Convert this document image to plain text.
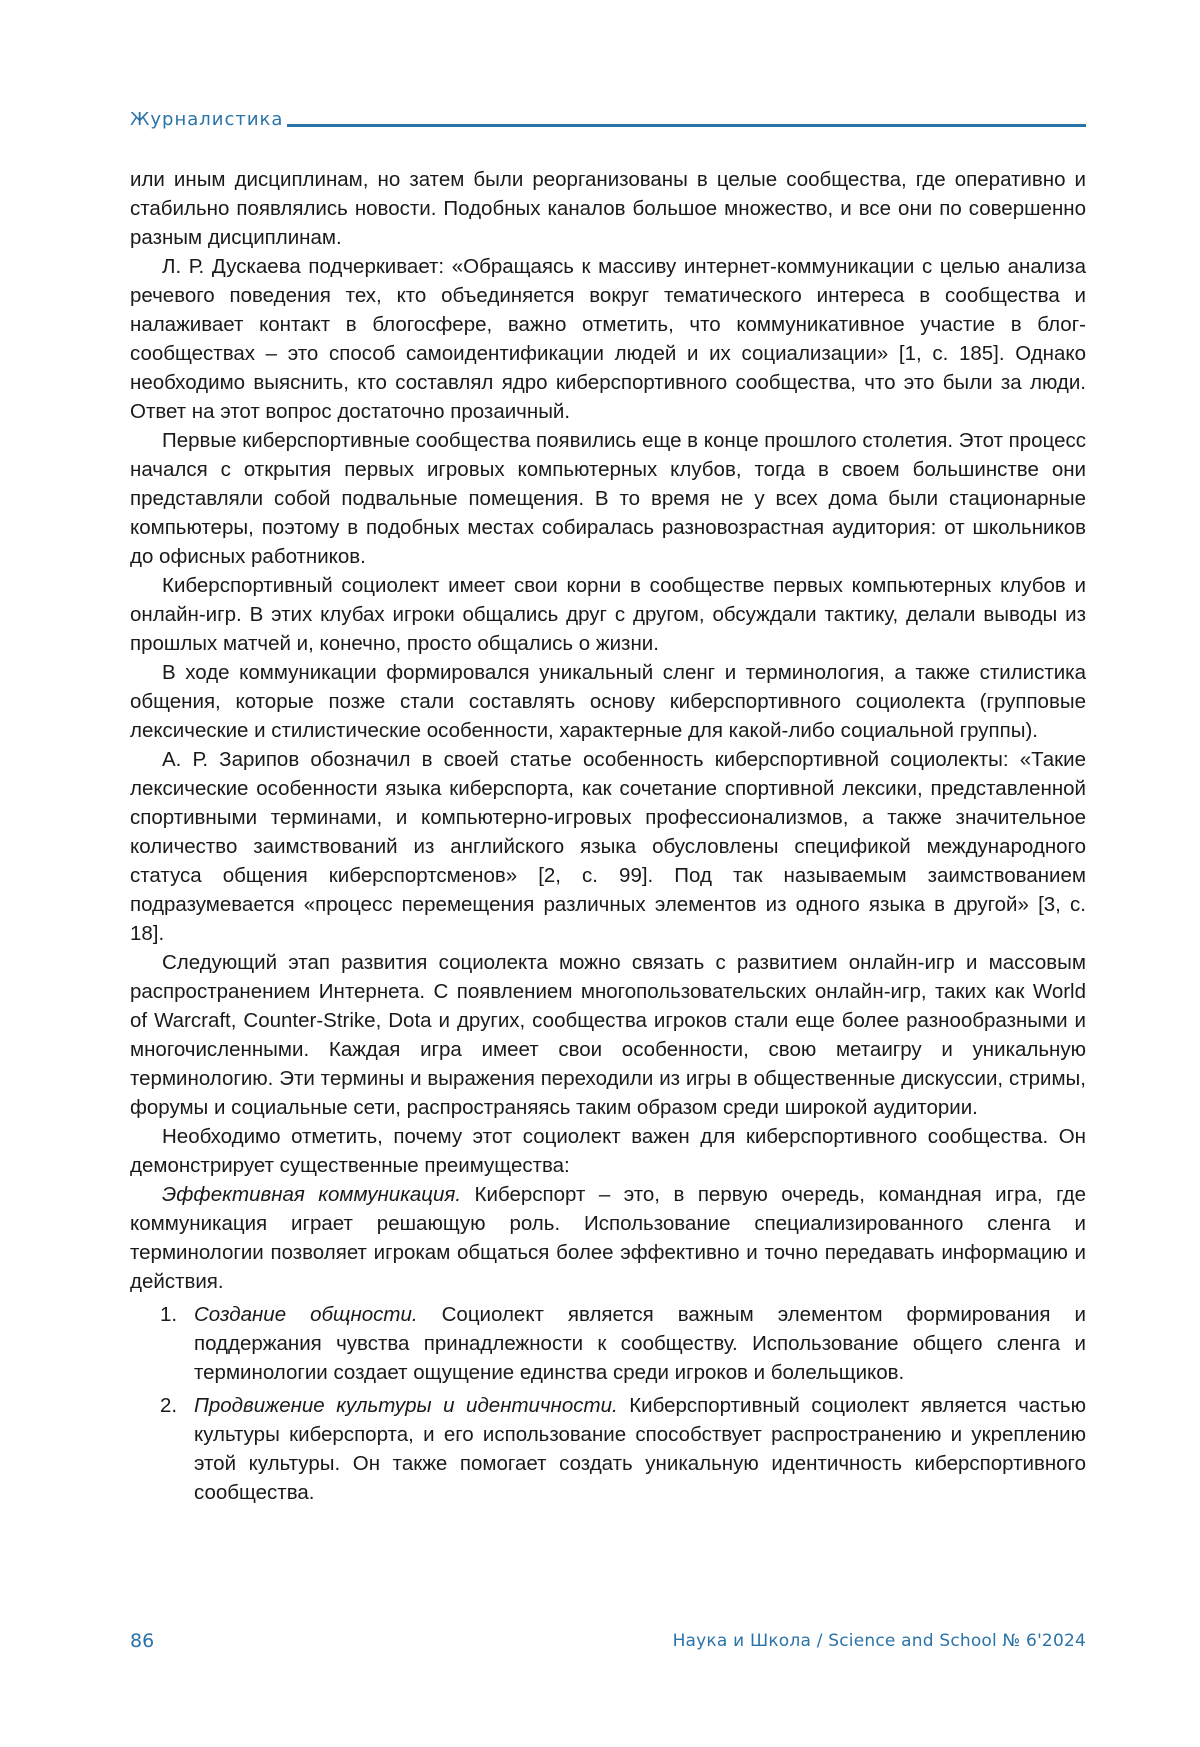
Журналистика

или иным дисциплинам, но затем были реорганизованы в целые сообщества, где оперативно и стабильно появлялись новости. Подобных каналов большое множество, и все они по совершенно разным дисциплинам.

Л. Р. Дускаева подчеркивает: «Обращаясь к массиву интернет-коммуникации с целью анализа речевого поведения тех, кто объединяется вокруг тематического интереса в сообщества и налаживает контакт в блогосфере, важно отметить, что коммуникативное участие в блог-сообществах – это способ самоидентификации людей и их социализации» [1, с. 185]. Однако необходимо выяснить, кто составлял ядро киберспортивного сообщества, что это были за люди. Ответ на этот вопрос достаточно прозаичный.

Первые киберспортивные сообщества появились еще в конце прошлого столетия. Этот процесс начался с открытия первых игровых компьютерных клубов, тогда в своем большинстве они представляли собой подвальные помещения. В то время не у всех дома были стационарные компьютеры, поэтому в подобных местах собиралась разновозрастная аудитория: от школьников до офисных работников.

Киберспортивный социолект имеет свои корни в сообществе первых компьютерных клубов и онлайн-игр. В этих клубах игроки общались друг с другом, обсуждали тактику, делали выводы из прошлых матчей и, конечно, просто общались о жизни.

В ходе коммуникации формировался уникальный сленг и терминология, а также стилистика общения, которые позже стали составлять основу киберспортивного социолекта (групповые лексические и стилистические особенности, характерные для какой-либо социальной группы).

А. Р. Зарипов обозначил в своей статье особенность киберспортивной социолекты: «Такие лексические особенности языка киберспорта, как сочетание спортивной лексики, представленной спортивными терминами, и компьютерно-игровых профессионализмов, а также значительное количество заимствований из английского языка обусловлены спецификой международного статуса общения киберспортсменов» [2, с. 99]. Под так называемым заимствованием подразумевается «процесс перемещения различных элементов из одного языка в другой» [3, с. 18].

Следующий этап развития социолекта можно связать с развитием онлайн-игр и массовым распространением Интернета. С появлением многопользовательских онлайн-игр, таких как World of Warcraft, Counter-Strike, Dota и других, сообщества игроков стали еще более разнообразными и многочисленными. Каждая игра имеет свои особенности, свою метаигру и уникальную терминологию. Эти термины и выражения переходили из игры в общественные дискуссии, стримы, форумы и социальные сети, распространяясь таким образом среди широкой аудитории.

Необходимо отметить, почему этот социолект важен для киберспортивного сообщества. Он демонстрирует существенные преимущества:

Эффективная коммуникация. Киберспорт – это, в первую очередь, командная игра, где коммуникация играет решающую роль. Использование специализированного сленга и терминологии позволяет игрокам общаться более эффективно и точно передавать информацию и действия.

1. Создание общности. Социолект является важным элементом формирования и поддержания чувства принадлежности к сообществу. Использование общего сленга и терминологии создает ощущение единства среди игроков и болельщиков.
2. Продвижение культуры и идентичности. Киберспортивный социолект является частью культуры киберспорта, и его использование способствует распространению и укреплению этой культуры. Он также помогает создать уникальную идентичность киберспортивного сообщества.
86	Наука и Школа / Science and School № 6'2024
